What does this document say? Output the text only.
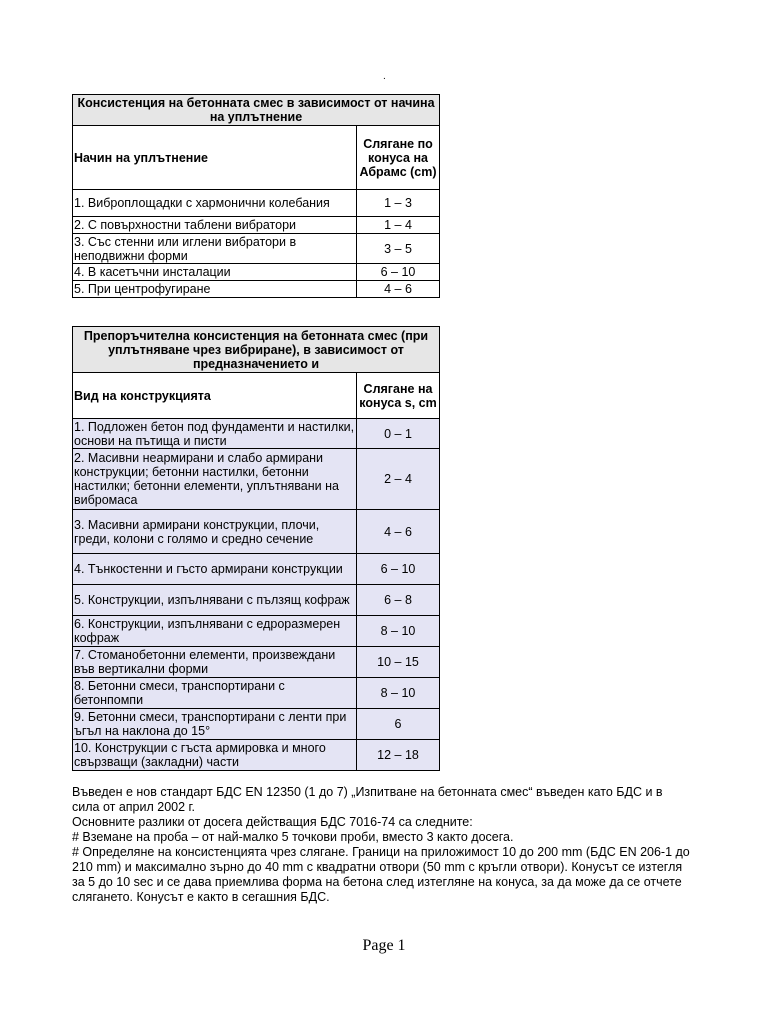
.
Консистенция на бетонната смес в зависимост от начина на уплътнение	
Начин на уплътнение	Слягане по конуса на Абрамс (cm)
1. Виброплощадки с хармонични колебания	1 – 3
2. С повърхностни таблени вибратори	1 – 4
3. Със стенни или иглени вибратори в неподвижни форми	3 – 5
4. В касетъчни инсталации	6 – 10
5. При центрофугиране	4 – 6
Препоръчителна консистенция на бетонната смес (при уплътняване чрез вибриране), в зависимост от предназначението и	
Вид на конструкцията	Слягане на конуса s, cm
1. Подложен бетон под фундаменти и настилки, основи на пътища и писти	0 – 1
2. Масивни неармирани и слабо армирани конструкции; бетонни настилки, бетонни настилки; бетонни елементи, уплътнявани на вибромаса	2 – 4
3. Масивни армирани конструкции, плочи, греди, колони с голямо и средно сечение	4 – 6
4. Тънкостенни и гъсто армирани конструкции	6 – 10
5. Конструкции, изпълнявани с пълзящ кофраж	6 – 8
6. Конструкции, изпълнявани с едроразмерен кофраж	8 – 10
7. Стоманобетонни елементи, произвеждани във вертикални форми	10 – 15
8. Бетонни смеси, транспортирани с бетонпомпи	8 – 10
9. Бетонни смеси, транспортирани с ленти при ъгъл на наклона до 15°	6
10. Конструкции с гъста армировка и много свързващи (закладни) части	12 – 18

Въведен е нов стандарт БДС EN 12350 (1 до 7) „Изпитване на бетонната смес“ въведен като БДС и в сила от април 2002 г.

Основните разлики от досега действащия БДС 7016-74 са следните:

# Вземане на проба – от най-малко 5 точкови проби, вместо 3 както досега.

# Определяне на консистенцията чрез слягане. Граници на приложимост 10 до 200 mm (БДС EN 206-1 до 210 mm) и максимално зърно до 40 mm с квадратни отвори (50 mm с кръгли отвори). Конусът се изтегля за 5 до 10 sec и се дава приемлива форма на бетона след изтегляне на конуса, за да може да се отчете слягането. Конусът е както в сегашния БДС.

Page 1
